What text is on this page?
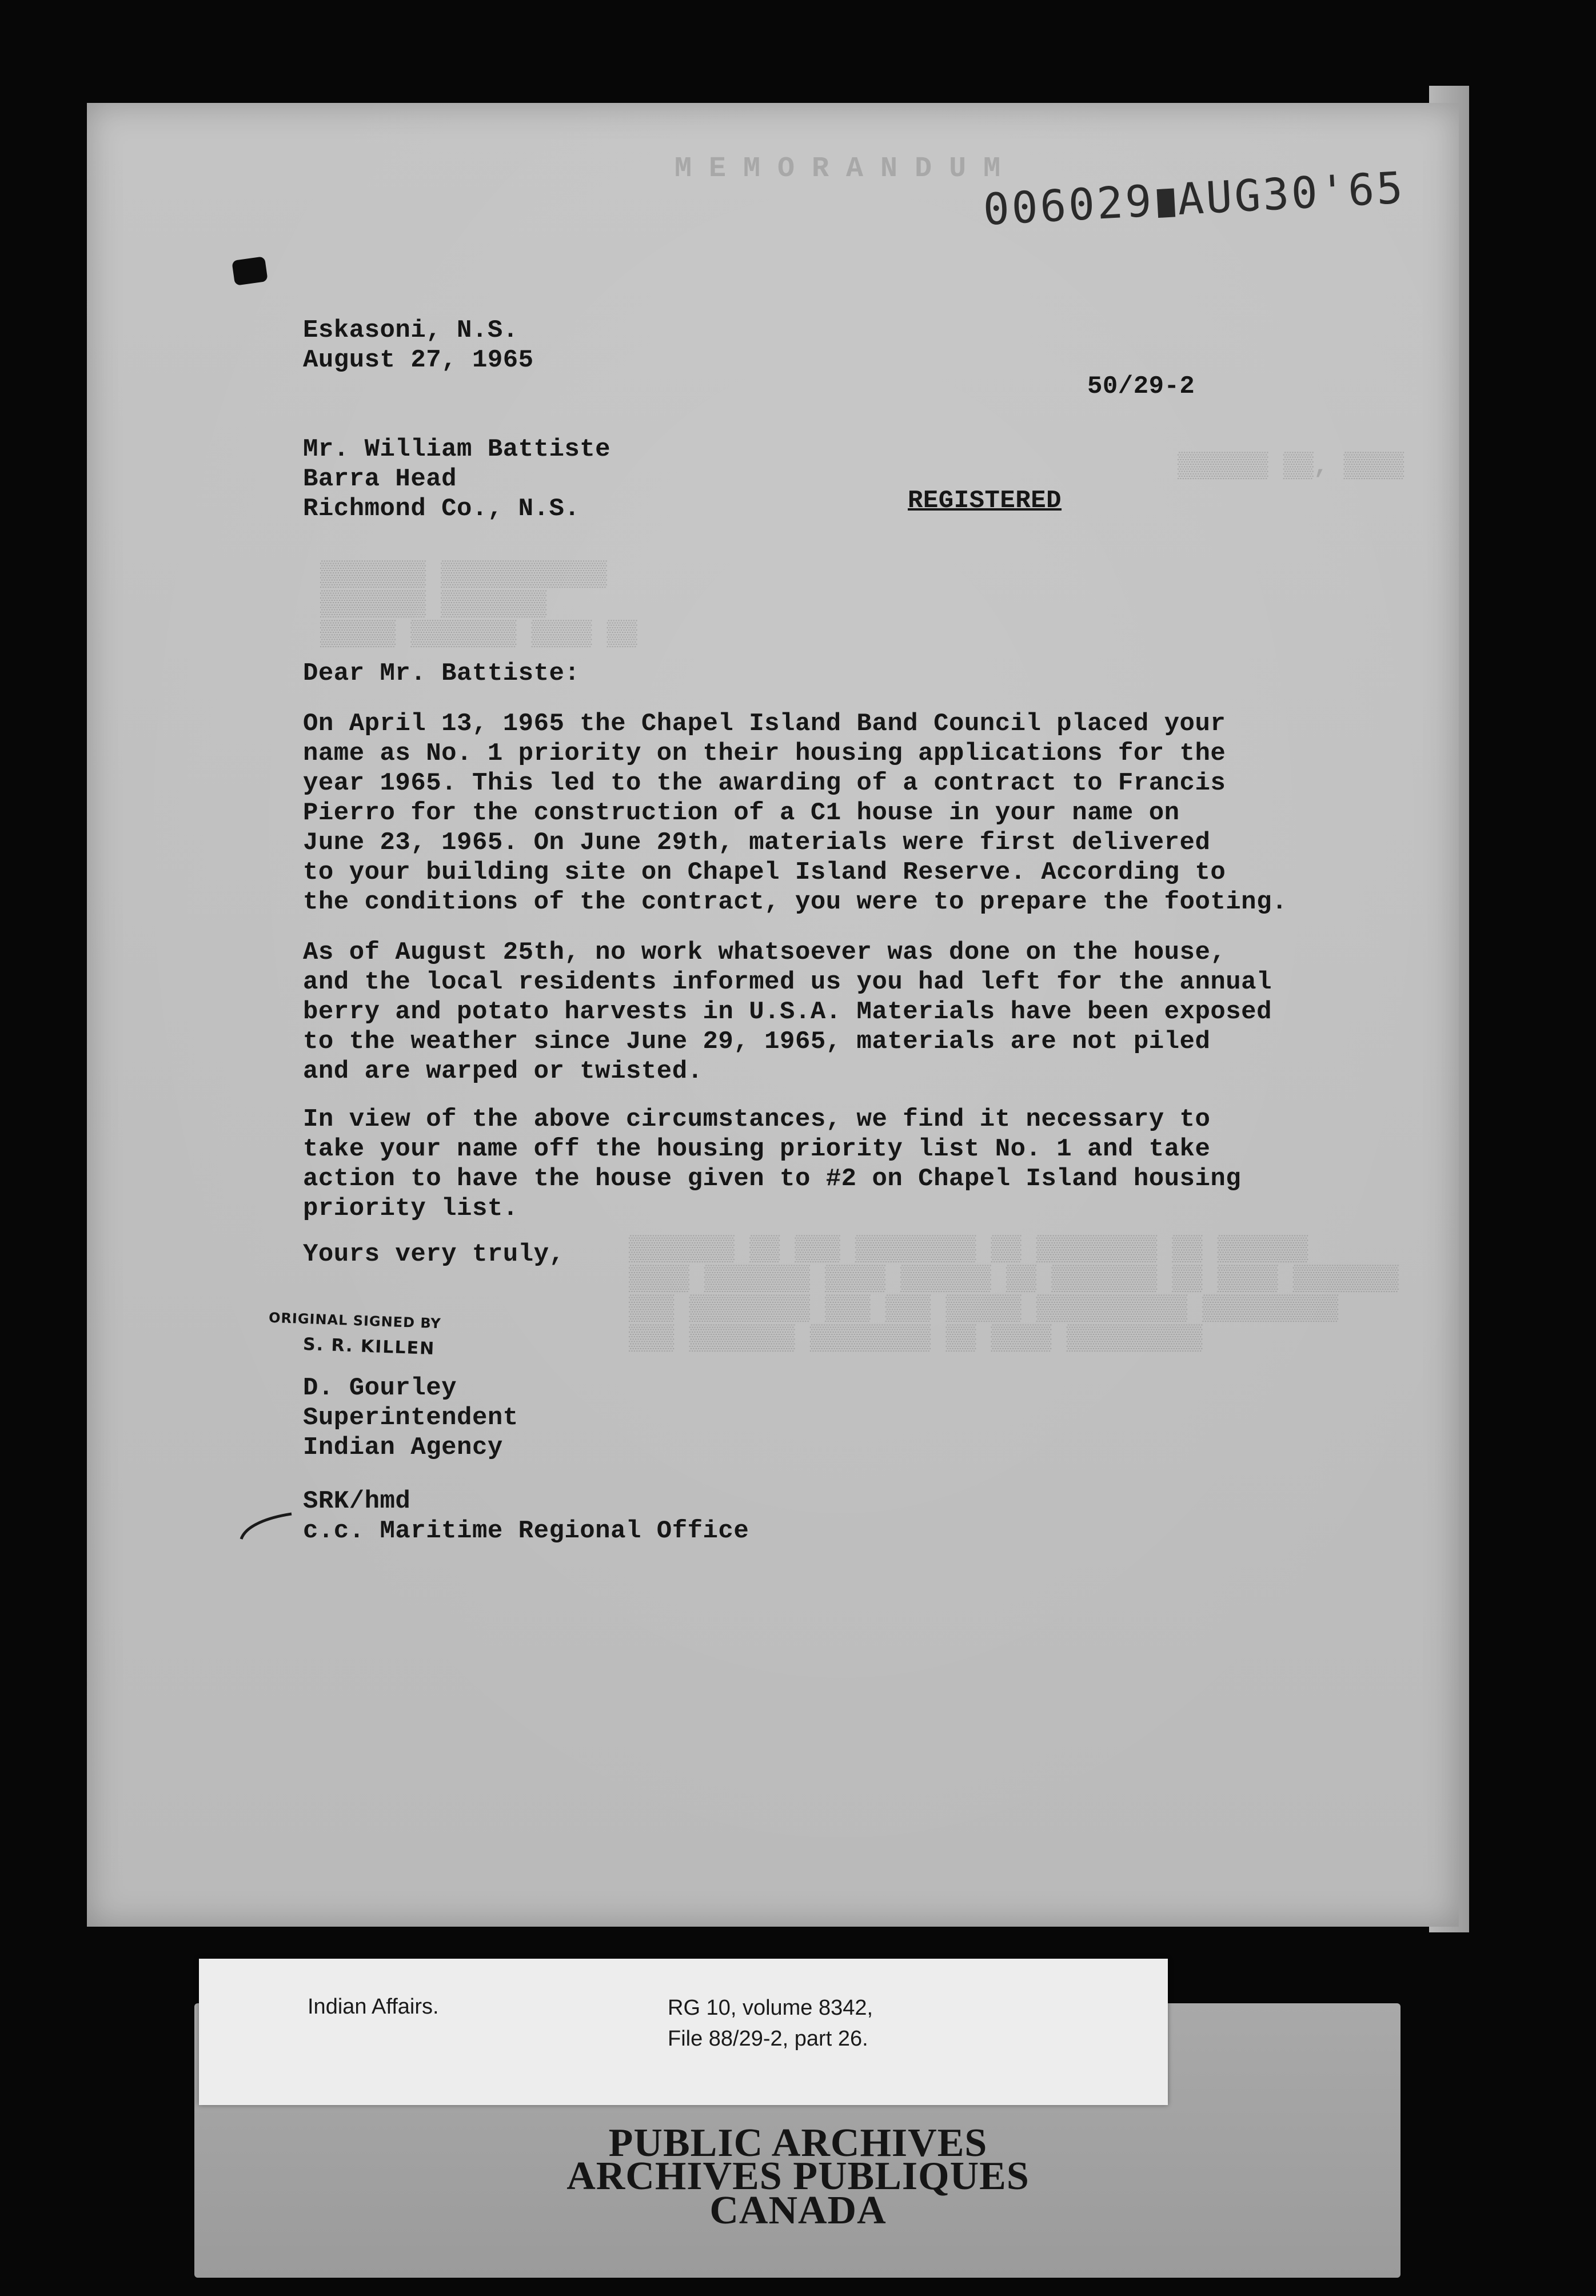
M E M O R A N D U M
▒▒▒▒▒▒▒ ▒▒▒▒▒▒▒▒▒▒▒
▒▒▒▒▒▒▒ ▒▒▒▒▒▒▒
▒▒▒▒▒ ▒▒▒▒▒▒▒ ▒▒▒▒ ▒▒
▒▒▒▒▒▒ ▒▒, ▒▒▒▒
006029 AUG30'65
Eskasoni, N.S.
August 27, 1965
50/29-2
Mr. William Battiste
Barra Head
Richmond Co., N.S.	REGISTERED
Dear Mr. Battiste:
On April 13, 1965 the Chapel Island Band Council placed your
name as No. 1 priority on their housing applications for the
year 1965. This led to the awarding of a contract to Francis
Pierro for the construction of a C1 house in your name on
June 23, 1965. On June 29th, materials were first delivered
to your building site on Chapel Island Reserve. According to
the conditions of the contract, you were to prepare the footing.
As of August 25th, no work whatsoever was done on the house,
and the local residents informed us you had left for the annual
berry and potato harvests in U.S.A. Materials have been exposed
to the weather since June 29, 1965, materials are not piled
and are warped or twisted.
In view of the above circumstances, we find it necessary to
take your name off the housing priority list No. 1 and take
action to have the house given to #2 on Chapel Island housing
priority list.
▒▒▒▒▒▒▒ ▒▒ ▒▒▒ ▒▒▒▒▒▒▒▒ ▒▒ ▒▒▒▒▒▒▒▒ ▒▒ ▒▒▒▒▒▒
▒▒▒▒ ▒▒▒▒▒▒▒ ▒▒▒▒ ▒▒▒▒▒▒ ▒▒ ▒▒▒▒▒▒▒ ▒▒ ▒▒▒▒ ▒▒▒▒▒▒▒
▒▒▒ ▒▒▒▒▒▒▒▒ ▒▒▒ ▒▒▒ ▒▒▒▒▒ ▒▒▒▒▒▒▒▒▒▒ ▒▒▒▒▒▒▒▒▒
▒▒▒ ▒▒▒▒▒▒▒ ▒▒▒▒▒▒▒▒ ▒▒ ▒▒▒▒ ▒▒▒▒▒▒▒▒▒
Yours very truly,
ORIGINAL SIGNED BY
S. R. KILLEN
D. Gourley
Superintendent
Indian Agency
SRK/hmd
c.c. Maritime Regional Office
Indian Affairs.	RG 10, volume 8342,
File 88/29-2, part 26.
PUBLIC ARCHIVES
ARCHIVES PUBLIQUES
CANADA
